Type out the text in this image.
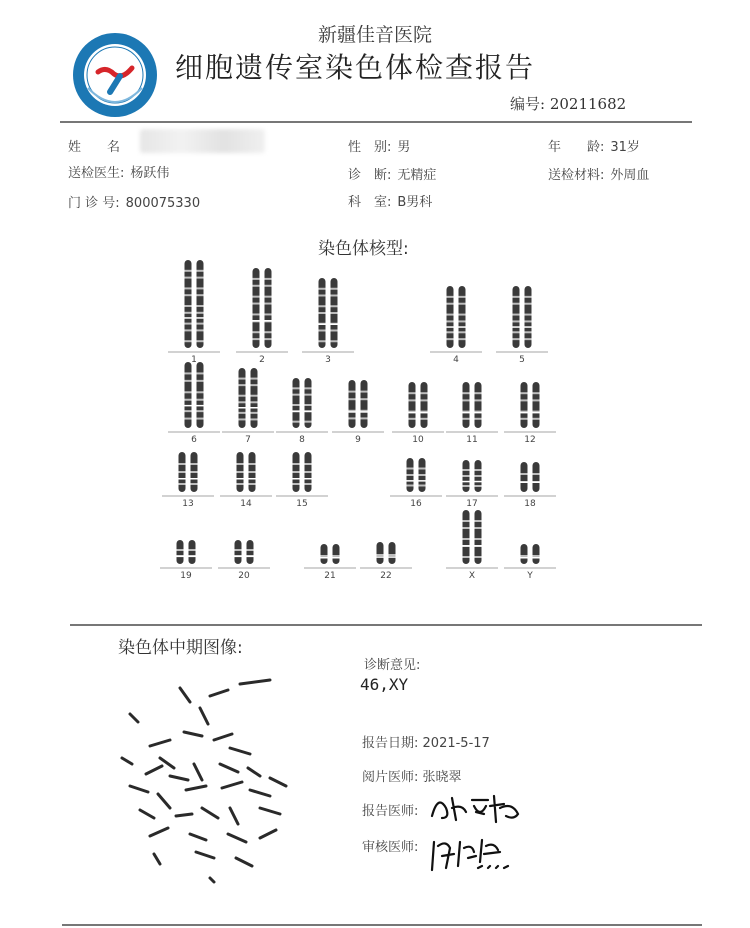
新疆佳音医院
细胞遗传室染色体检查报告
编号: 20211682
姓　　名	性　别: 男	年　　龄: 31岁
送检医生: 杨跃伟	诊　断: 无精症	送检材料: 外周血
门 诊 号: 800075330	科　室: B男科
染色体核型:
1	2	3	4	5
6	7	8	9	10	11	12
13	14	15	16	17	18
19	20	21	22	X	Y
染色体中期图像:
诊断意见:
46,XY
报告日期: 2021-5-17
阅片医师: 张晓翠
报告医师:
审核医师:
